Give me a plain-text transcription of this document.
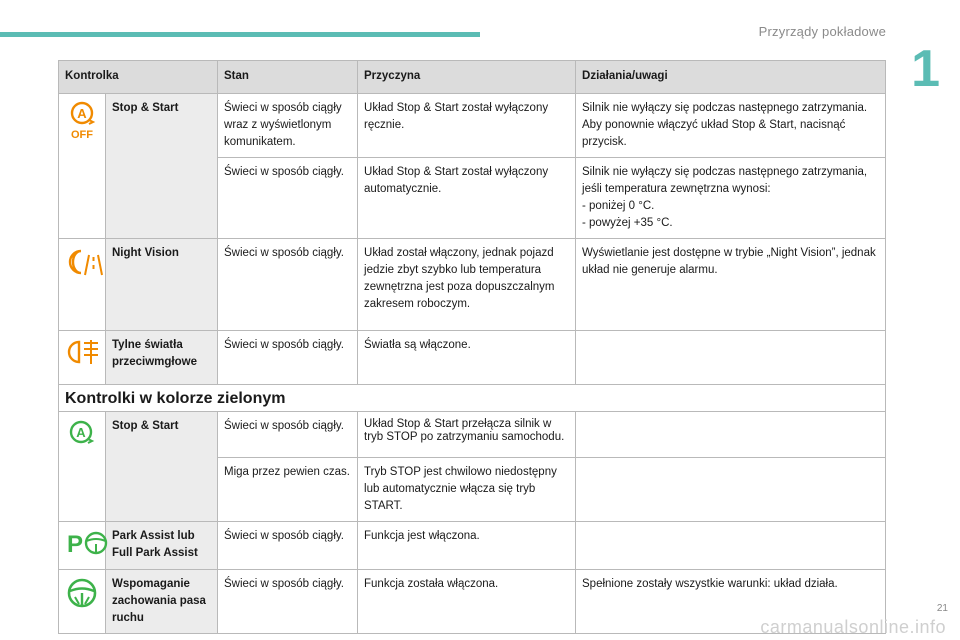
Przyrządy pokładowe
1
Kontrolka		Stan	Przyczyna	Działania/uwagi

A
OFF	Stop & Start	Świeci w sposób ciągły wraz z wyświetlonym komunikatem.	Układ Stop & Start został wyłączony ręcznie.	Silnik nie wyłączy się podczas następnego zatrzymania.
Aby ponownie włączyć układ Stop & Start, nacisnąć przycisk.

		Świeci w sposób ciągły.	Układ Stop & Start został wyłączony automatycznie.	Silnik nie wyłączy się podczas następnego zatrzymania, jeśli temperatura zewnętrzna wynosi:
- poniżej 0 °C.
- powyżej +35 °C.

	Night Vision	Świeci w sposób ciągły.	Układ został włączony, jednak pojazd jedzie zbyt szybko lub temperatura zewnętrzna jest poza dopuszczalnym zakresem roboczym.	Wyświetlanie jest dostępne w trybie „Night Vision”, jednak układ nie generuje alarmu.

	Tylne światła przeciwmgłowe	Świeci w sposób ciągły.	Światła są włączone.	
Kontrolki w kolorze zielonym				

A	Stop & Start	Świeci w sposób ciągły.	Układ Stop & Start przełącza silnik w tryb STOP po zatrzymaniu samochodu.	
		Miga przez pewien czas.	Tryb STOP jest chwilowo niedostępny lub automatycznie włącza się tryb START.	

P	Park Assist lub Full Park Assist	Świeci w sposób ciągły.	Funkcja jest włączona.	

	Wspomaganie zachowania pasa ruchu	Świeci w sposób ciągły.	Funkcja została włączona.	Spełnione zostały wszystkie warunki: układ działa.
carmanualsonline.info
21
